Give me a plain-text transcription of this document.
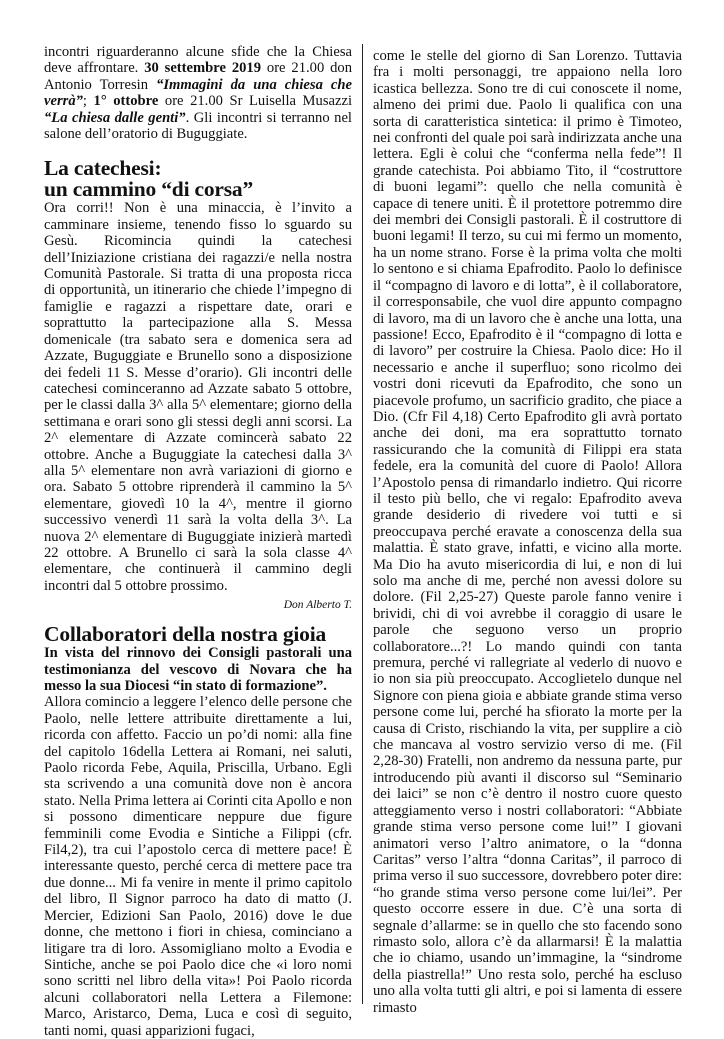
incontri riguarderanno alcune sfide che la Chiesa deve affrontare. 30 settembre 2019 ore 21.00 don Antonio Torresin “Immagini da una chiesa che verrà”; 1° ottobre ore 21.00 Sr Luisella Musazzi “La chiesa dalle genti”. Gli incontri si terranno nel salone dell’oratorio di Buguggiate.

La catechesi:
un cammino “di corsa”

Ora corri!! Non è una minaccia, è l’invito a camminare insieme, tenendo fisso lo sguardo su Gesù. Ricomincia quindi la catechesi dell’Iniziazione cristiana dei ragazzi/e nella nostra Comunità Pastorale. Si tratta di una proposta ricca di opportunità, un itinerario che chiede l’impegno di famiglie e ragazzi a rispettare date, orari e soprattutto la partecipazione alla S. Messa domenicale (tra sabato sera e domenica sera ad Azzate, Buguggiate e Brunello sono a disposizione dei fedeli 11 S. Messe d’orario). Gli incontri delle catechesi cominceranno ad Azzate sabato 5 ottobre, per le classi dalla 3^ alla 5^ elementare; giorno della settimana e orari sono gli stessi degli anni scorsi. La 2^ elementare di Azzate comincerà sabato 22 ottobre. Anche a Buguggiate la catechesi dalla 3^ alla 5^ elementare non avrà variazioni di giorno e ora. Sabato 5 ottobre riprenderà il cammino la 5^ elementare, giovedì 10 la 4^, mentre il giorno successivo venerdì 11 sarà la volta della 3^. La nuova 2^ elementare di Buguggiate inizierà martedì 22 ottobre. A Brunello ci sarà la sola classe 4^ elementare, che continuerà il cammino degli incontri dal 5 ottobre prossimo.

Don Alberto T.
Collaboratori della nostra gioia

In vista del rinnovo dei Consigli pastorali una testimonianza del vescovo di Novara che ha messo la sua Diocesi “in stato di formazione”.

Allora comincio a leggere l’elenco delle persone che Paolo, nelle lettere attribuite direttamente a lui, ricorda con affetto. Faccio un po’di nomi: alla fine del capitolo 16della Lettera ai Romani, nei saluti, Paolo ricorda Febe, Aquila, Priscilla, Urbano. Egli sta scrivendo a una comunità dove non è ancora stato. Nella Prima lettera ai Corinti cita Apollo e non si possono dimenticare neppure due figure femminili come Evodia e Sintiche a Filippi (cfr. Fil4,2), tra cui l’apostolo cerca di mettere pace! È interessante questo, perché cerca di mettere pace tra due donne... Mi fa venire in mente il primo capitolo del libro, Il Signor parroco ha dato di matto (J. Mercier, Edizioni San Paolo, 2016) dove le due donne, che mettono i fiori in chiesa, cominciano a litigare tra di loro. Assomigliano molto a Evodia e Sintiche, anche se poi Paolo dice che «i loro nomi sono scritti nel libro della vita»! Poi Paolo ricorda alcuni collaboratori nella Lettera a Filemone: Marco, Aristarco, Dema, Luca e così di seguito, tanti nomi, quasi apparizioni fugaci,

come le stelle del giorno di San Lorenzo. Tuttavia fra i molti personaggi, tre appaiono nella loro icastica bellezza. Sono tre di cui conoscete il nome, almeno dei primi due. Paolo li qualifica con una sorta di caratteristica sintetica: il primo è Timoteo, nei confronti del quale poi sarà indirizzata anche una lettera. Egli è colui che “conferma nella fede”! Il grande catechista. Poi abbiamo Tito, il “costruttore di buoni legami”: quello che nella comunità è capace di tenere uniti. È il protettore potremmo dire dei membri dei Consigli pastorali. È il costruttore di buoni legami! Il terzo, su cui mi fermo un momento, ha un nome strano. Forse è la prima volta che molti lo sentono e si chiama Epafrodito. Paolo lo definisce il “compagno di lavoro e di lotta”, è il collaboratore, il corresponsabile, che vuol dire appunto compagno di lavoro, ma di un lavoro che è anche una lotta, una passione! Ecco, Epafrodito è il “compagno di lotta e di lavoro” per costruire la Chiesa. Paolo dice: Ho il necessario e anche il superfluo; sono ricolmo dei vostri doni ricevuti da Epafrodito, che sono un piacevole profumo, un sacrificio gradito, che piace a Dio. (Cfr Fil 4,18) Certo Epafrodito gli avrà portato anche dei doni, ma era soprattutto tornato rassicurando che la comunità di Filippi era stata fedele, era la comunità del cuore di Paolo! Allora l’Apostolo pensa di rimandarlo indietro. Qui ricorre il testo più bello, che vi regalo: Epafrodito aveva grande desiderio di rivedere voi tutti e si preoccupava perché eravate a conoscenza della sua malattia. È stato grave, infatti, e vicino alla morte. Ma Dio ha avuto misericordia di lui, e non di lui solo ma anche di me, perché non avessi dolore su dolore. (Fil 2,25-27) Queste parole fanno venire i brividi, chi di voi avrebbe il coraggio di usare le parole che seguono verso un proprio collaboratore...?! Lo mando quindi con tanta premura, perché vi rallegriate al vederlo di nuovo e io non sia più preoccupato. Accoglietelo dunque nel Signore con piena gioia e abbiate grande stima verso persone come lui, perché ha sfiorato la morte per la causa di Cristo, rischiando la vita, per supplire a ciò che mancava al vostro servizio verso di me. (Fil 2,28-30) Fratelli, non andremo da nessuna parte, pur introducendo più avanti il discorso sul “Seminario dei laici” se non c’è dentro il nostro cuore questo atteggiamento verso i nostri collaboratori: “Abbiate grande stima verso persone come lui!” I giovani animatori verso l’altro animatore, o la “donna Caritas” verso l’altra “donna Caritas”, il parroco di prima verso il suo successore, dovrebbero poter dire: “ho grande stima verso persone come lui/lei”. Per questo occorre essere in due. C’è una sorta di segnale d’allarme: se in quello che sto facendo sono rimasto solo, allora c’è da allarmarsi! È la malattia che io chiamo, usando un’immagine, la “sindrome della piastrella!” Uno resta solo, perché ha escluso uno alla volta tutti gli altri, e poi si lamenta di essere rimasto
